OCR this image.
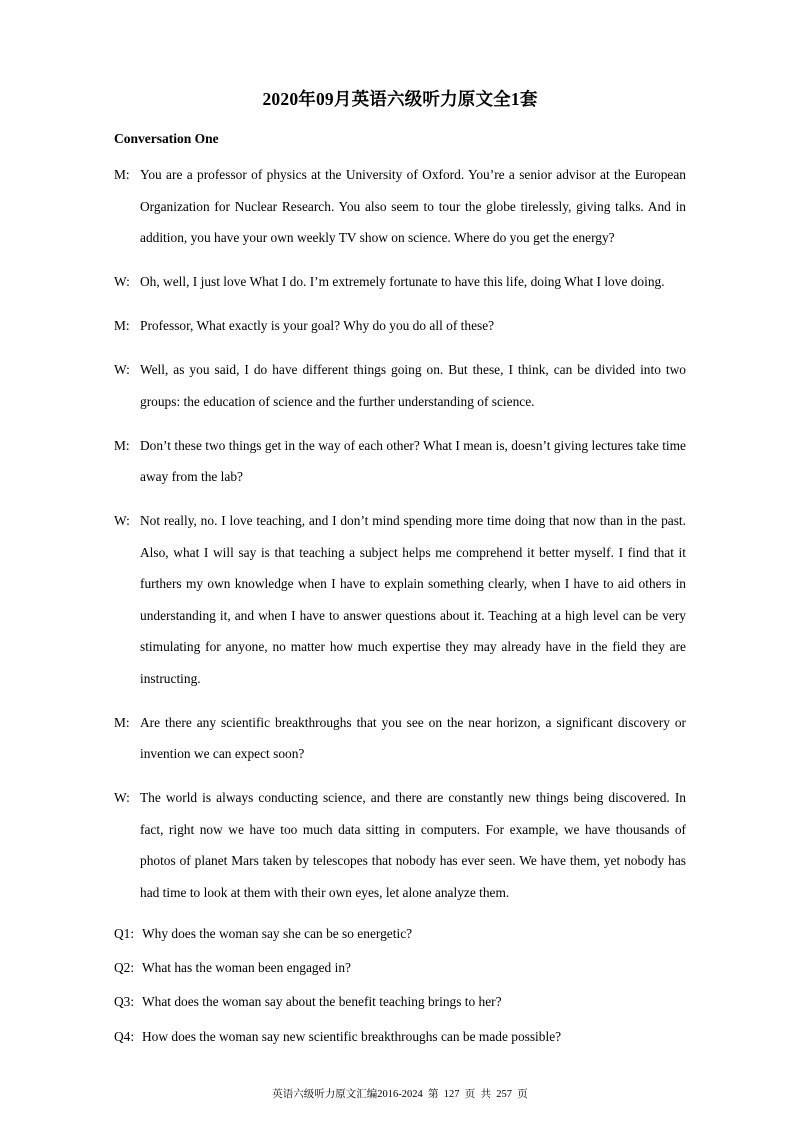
2020年09月英语六级听力原文全1套
Conversation One
M: You are a professor of physics at the University of Oxford. You’re a senior advisor at the European Organization for Nuclear Research. You also seem to tour the globe tirelessly, giving talks. And in addition, you have your own weekly TV show on science. Where do you get the energy?
W: Oh, well, I just love What I do. I’m extremely fortunate to have this life, doing What I love doing.
M: Professor, What exactly is your goal? Why do you do all of these?
W: Well, as you said, I do have different things going on. But these, I think, can be divided into two groups: the education of science and the further understanding of science.
M: Don’t these two things get in the way of each other? What I mean is, doesn’t giving lectures take time away from the lab?
W: Not really, no. I love teaching, and I don’t mind spending more time doing that now than in the past. Also, what I will say is that teaching a subject helps me comprehend it better myself. I find that it furthers my own knowledge when I have to explain something clearly, when I have to aid others in understanding it, and when I have to answer questions about it. Teaching at a high level can be very stimulating for anyone, no matter how much expertise they may already have in the field they are instructing.
M: Are there any scientific breakthroughs that you see on the near horizon, a significant discovery or invention we can expect soon?
W: The world is always conducting science, and there are constantly new things being discovered. In fact, right now we have too much data sitting in computers. For example, we have thousands of photos of planet Mars taken by telescopes that nobody has ever seen. We have them, yet nobody has had time to look at them with their own eyes, let alone analyze them.
Q1: Why does the woman say she can be so energetic?
Q2: What has the woman been engaged in?
Q3: What does the woman say about the benefit teaching brings to her?
Q4: How does the woman say new scientific breakthroughs can be made possible?
英语六级听力原文汇编2016-2024  第  127  页  共  257  页
